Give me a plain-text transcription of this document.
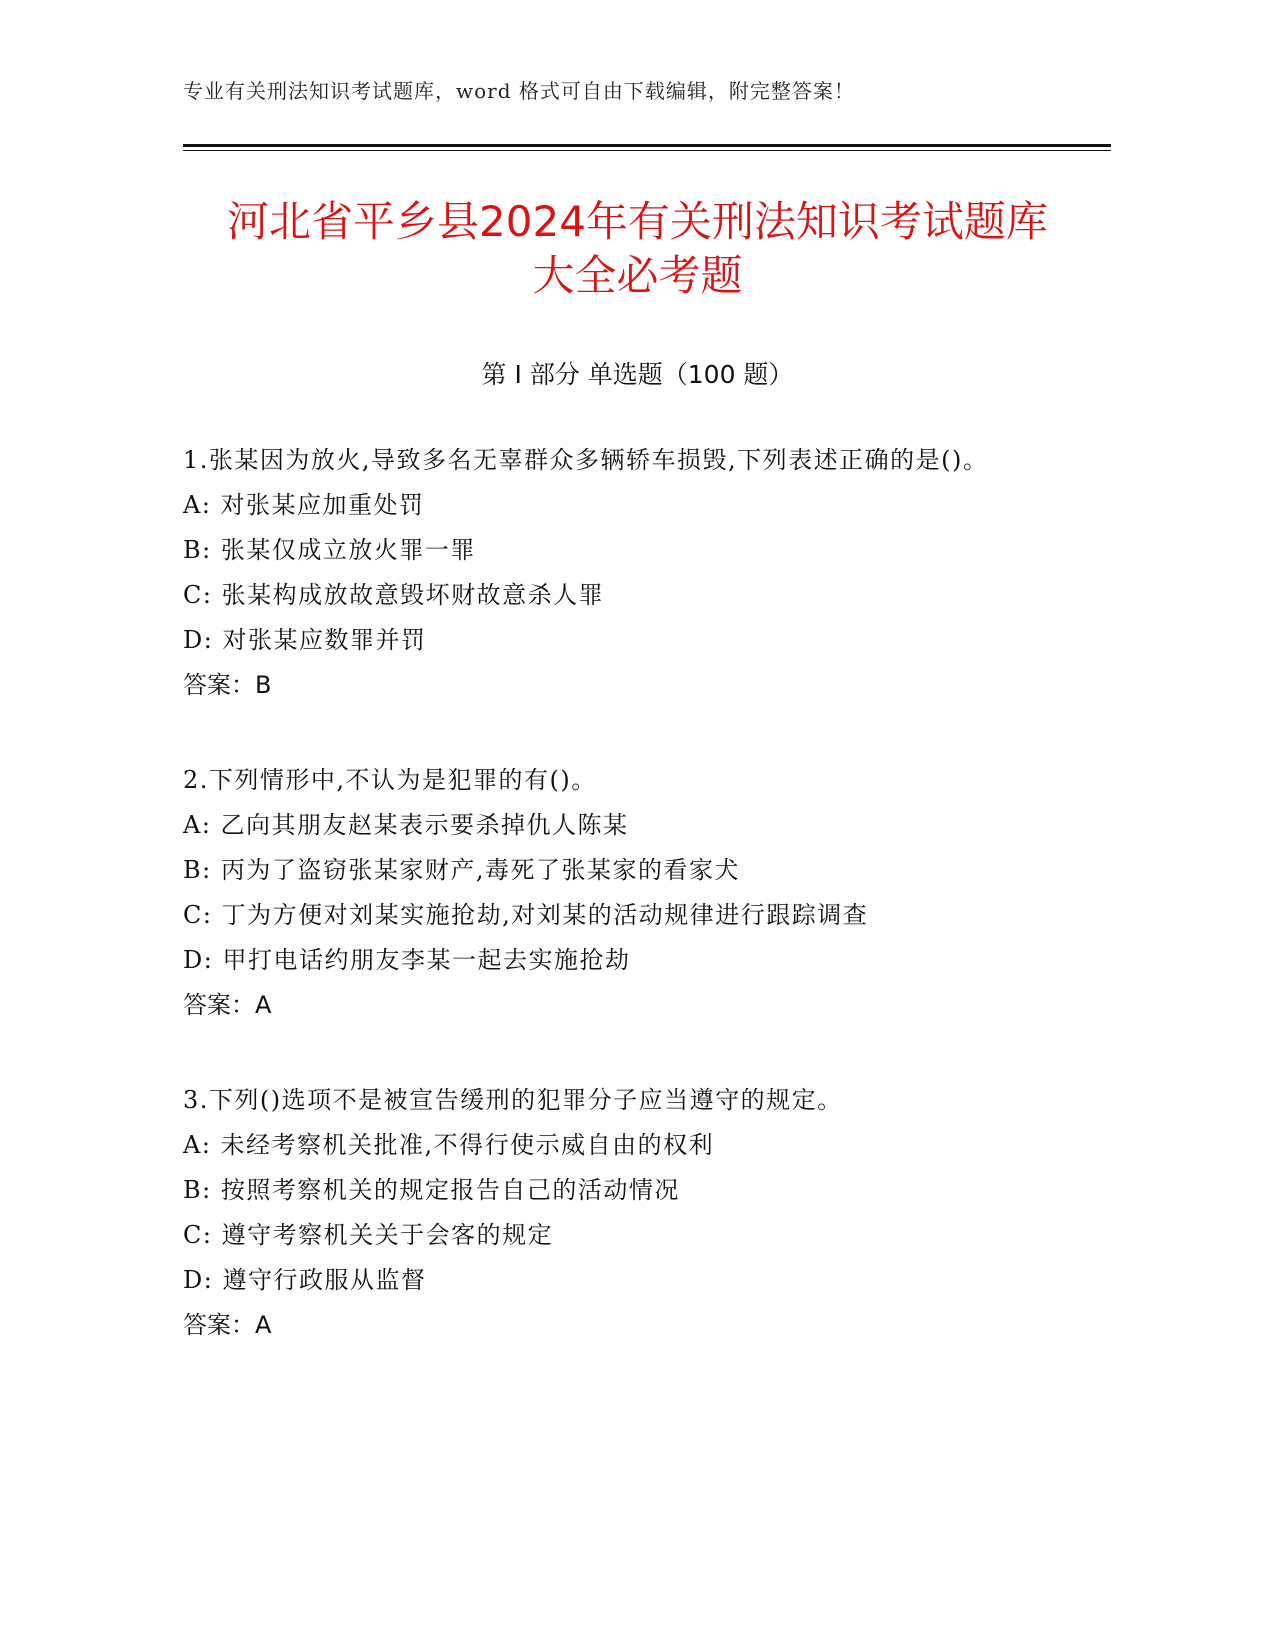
专业有关刑法知识考试题库，word 格式可自由下载编辑，附完整答案！
河北省平乡县2024年有关刑法知识考试题库
大全必考题
第 I 部分 单选题（100 题）
1.张某因为放火,导致多名无辜群众多辆轿车损毁,下列表述正确的是()。
A: 对张某应加重处罚
B: 张某仅成立放火罪一罪
C: 张某构成放故意毁坏财故意杀人罪
D: 对张某应数罪并罚
答案：B
2.下列情形中,不认为是犯罪的有()。
A: 乙向其朋友赵某表示要杀掉仇人陈某
B: 丙为了盗窃张某家财产,毒死了张某家的看家犬
C: 丁为方便对刘某实施抢劫,对刘某的活动规律进行跟踪调查
D: 甲打电话约朋友李某一起去实施抢劫
答案：A
3.下列()选项不是被宣告缓刑的犯罪分子应当遵守的规定。
A: 未经考察机关批准,不得行使示威自由的权利
B: 按照考察机关的规定报告自己的活动情况
C: 遵守考察机关关于会客的规定
D: 遵守行政服从监督
答案：A
